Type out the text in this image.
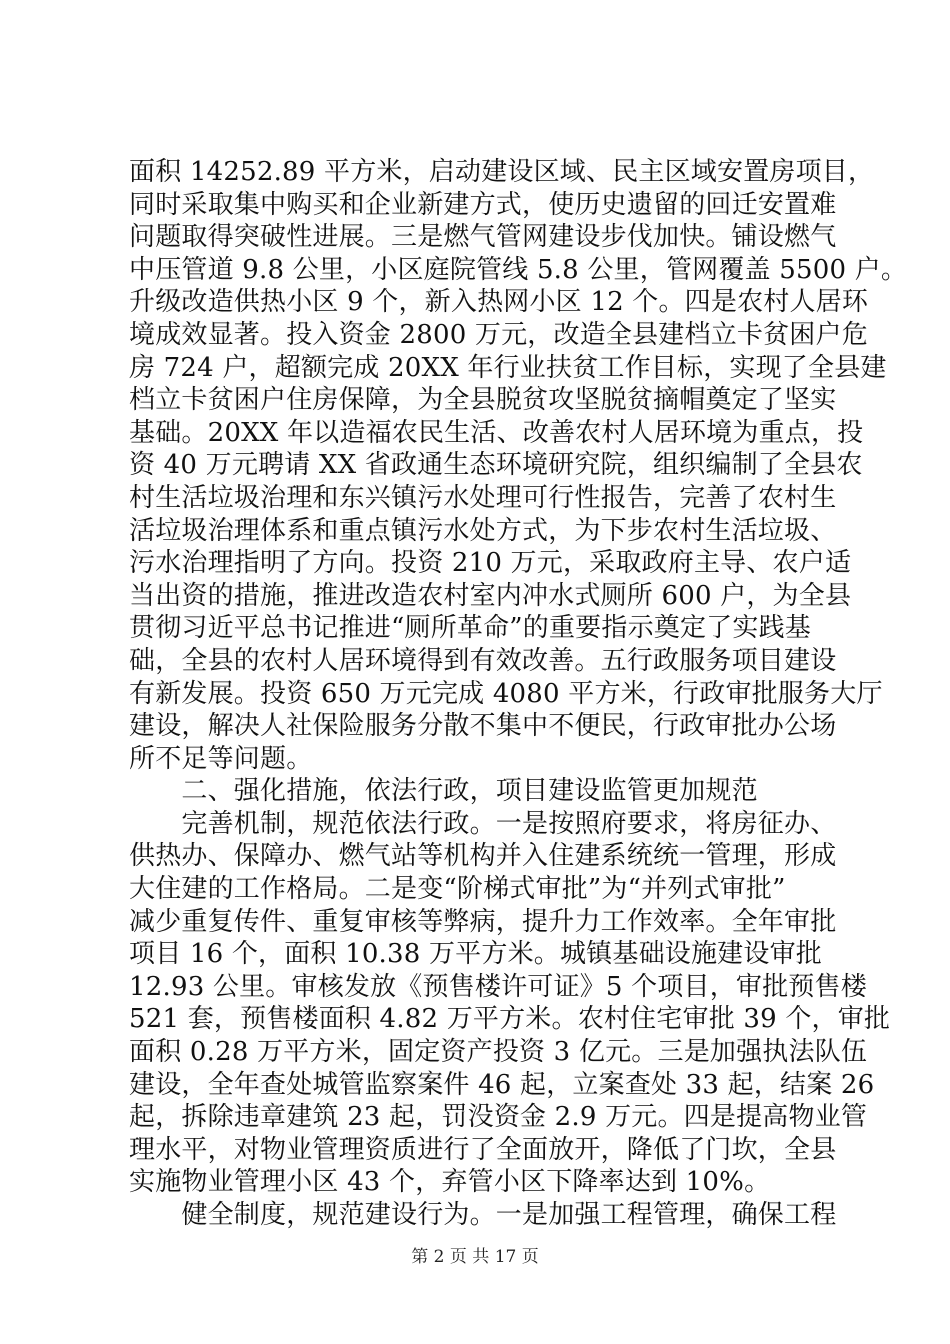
面积 14252.89 平方米，启动建设区域、民主区域安置房项目，
同时采取集中购买和企业新建方式，使历史遗留的回迁安置难
问题取得突破性进展。三是燃气管网建设步伐加快。铺设燃气
中压管道 9.8 公里，小区庭院管线 5.8 公里，管网覆盖 5500 户。
升级改造供热小区 9 个，新入热网小区 12 个。四是农村人居环
境成效显著。投入资金 2800 万元，改造全县建档立卡贫困户危
房 724 户，超额完成 20XX 年行业扶贫工作目标，实现了全县建
档立卡贫困户住房保障，为全县脱贫攻坚脱贫摘帽奠定了坚实
基础。20XX 年以造福农民生活、改善农村人居环境为重点，投
资 40 万元聘请 XX 省政通生态环境研究院，组织编制了全县农
村生活垃圾治理和东兴镇污水处理可行性报告，完善了农村生
活垃圾治理体系和重点镇污水处方式，为下步农村生活垃圾、
污水治理指明了方向。投资 210 万元，采取政府主导、农户适
当出资的措施，推进改造农村室内冲水式厕所 600 户，为全县
贯彻习近平总书记推进“厕所革命”的重要指示奠定了实践基
础，全县的农村人居环境得到有效改善。五行政服务项目建设
有新发展。投资 650 万元完成 4080 平方米，行政审批服务大厅
建设，解决人社保险服务分散不集中不便民，行政审批办公场
所不足等问题。
　　二、强化措施，依法行政，项目建设监管更加规范
　　完善机制，规范依法行政。一是按照府要求，将房征办、
供热办、保障办、燃气站等机构并入住建系统统一管理，形成
大住建的工作格局。二是变“阶梯式审批”为“并列式审批”
减少重复传件、重复审核等弊病，提升力工作效率。全年审批
项目 16 个，面积 10.38 万平方米。城镇基础设施建设审批
12.93 公里。审核发放《预售楼许可证》5 个项目，审批预售楼
521 套，预售楼面积 4.82 万平方米。农村住宅审批 39 个，审批
面积 0.28 万平方米，固定资产投资 3 亿元。三是加强执法队伍
建设，全年查处城管监察案件 46 起，立案查处 33 起，结案 26
起，拆除违章建筑 23 起，罚没资金 2.9 万元。四是提高物业管
理水平，对物业管理资质进行了全面放开，降低了门坎，全县
实施物业管理小区 43 个，弃管小区下降率达到 10%。
　　健全制度，规范建设行为。一是加强工程管理，确保工程
第 2 页 共 17 页
